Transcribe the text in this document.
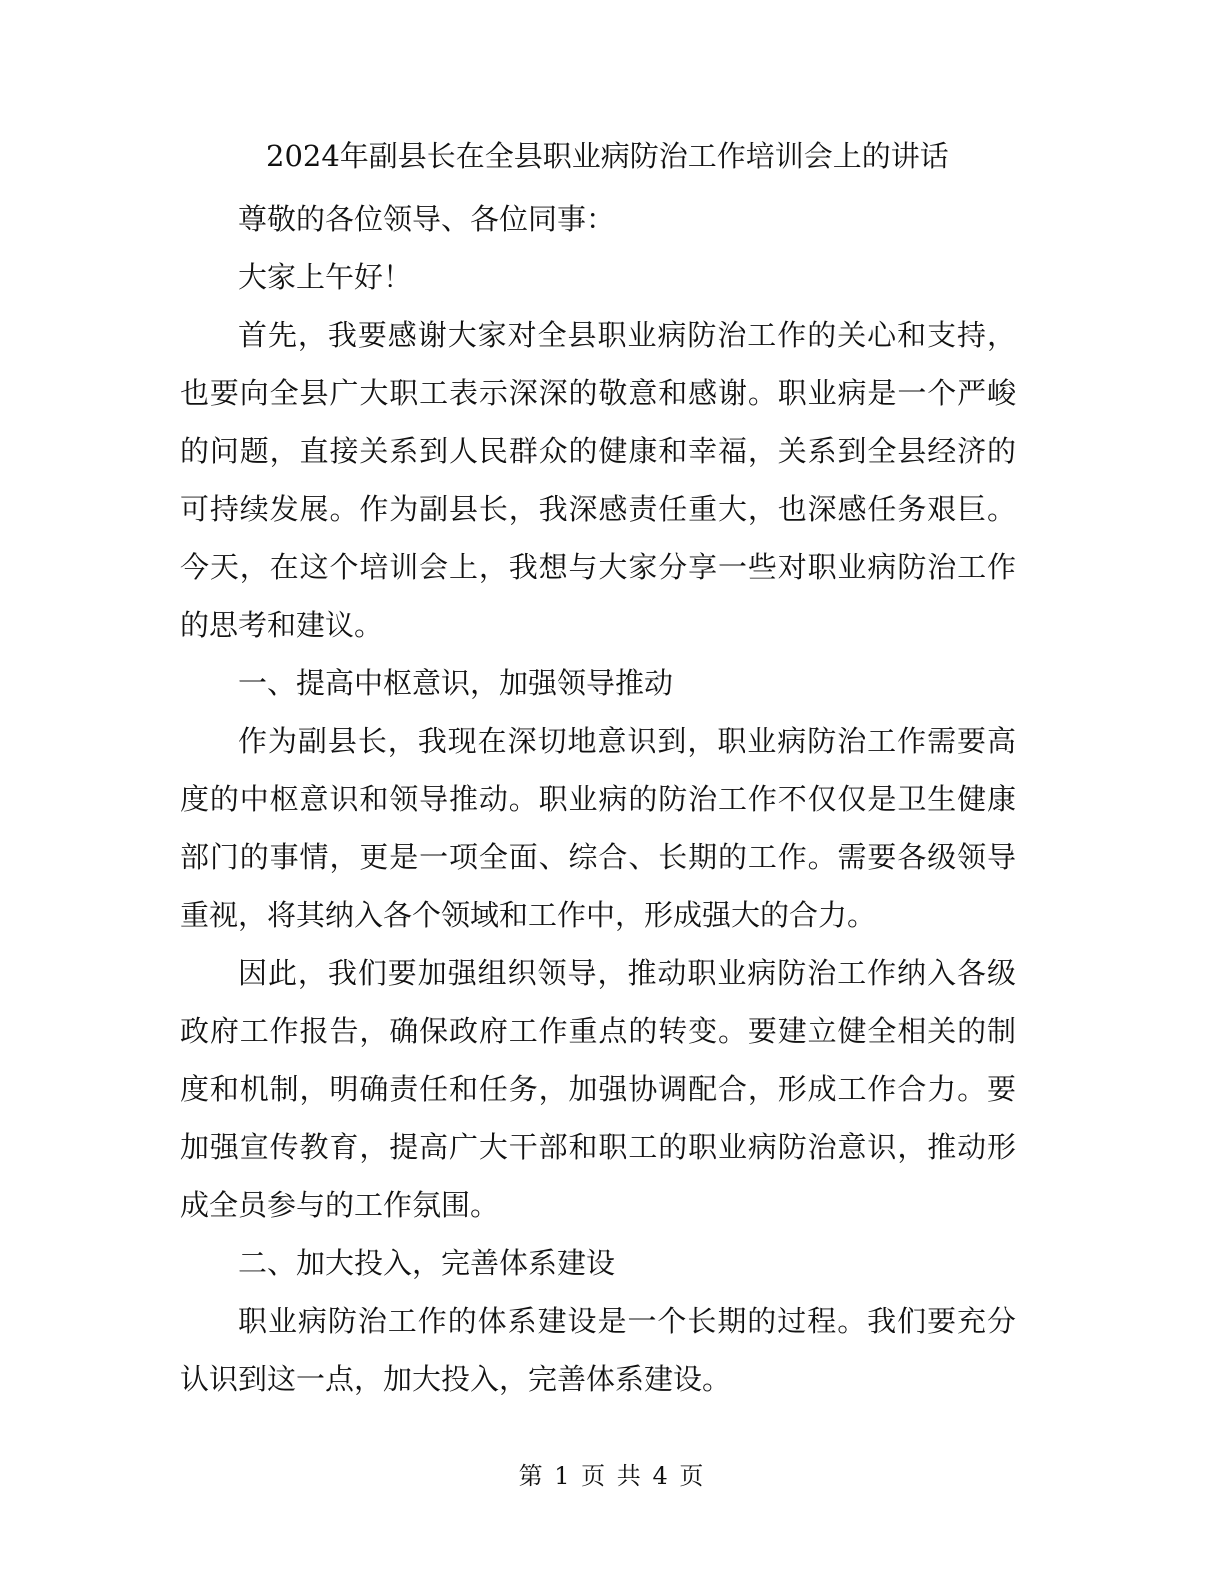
2024年副县长在全县职业病防治工作培训会上的讲话

尊敬的各位领导、各位同事：

大家上午好！

首先，我要感谢大家对全县职业病防治工作的关心和支持，也要向全县广大职工表示深深的敬意和感谢。职业病是一个严峻的问题，直接关系到人民群众的健康和幸福，关系到全县经济的可持续发展。作为副县长，我深感责任重大，也深感任务艰巨。今天，在这个培训会上，我想与大家分享一些对职业病防治工作的思考和建议。

一、提高中枢意识，加强领导推动

作为副县长，我现在深切地意识到，职业病防治工作需要高度的中枢意识和领导推动。职业病的防治工作不仅仅是卫生健康部门的事情，更是一项全面、综合、长期的工作。需要各级领导重视，将其纳入各个领域和工作中，形成强大的合力。

因此，我们要加强组织领导，推动职业病防治工作纳入各级政府工作报告，确保政府工作重点的转变。要建立健全相关的制度和机制，明确责任和任务，加强协调配合，形成工作合力。要加强宣传教育，提高广大干部和职工的职业病防治意识，推动形成全员参与的工作氛围。

二、加大投入，完善体系建设

职业病防治工作的体系建设是一个长期的过程。我们要充分认识到这一点，加大投入，完善体系建设。

第 1 页 共 4 页
